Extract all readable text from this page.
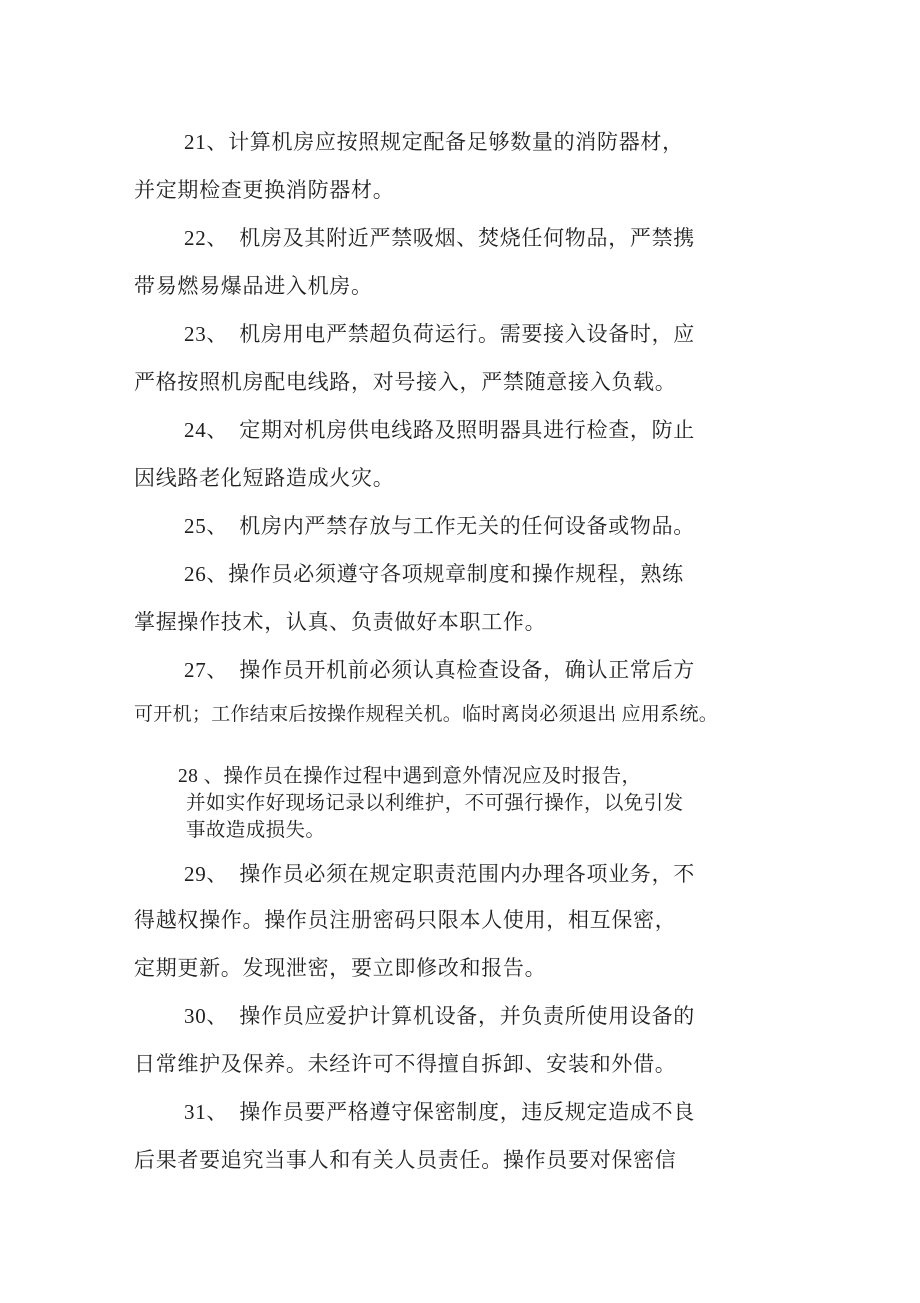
21、计算机房应按照规定配备足够数量的消防器材，
并定期检查更换消防器材。
22、　机房及其附近严禁吸烟、焚烧任何物品，严禁携
带易燃易爆品进入机房。
23、　机房用电严禁超负荷运行。需要接入设备时，应
严格按照机房配电线路，对号接入，严禁随意接入负载。
24、　定期对机房供电线路及照明器具进行检查，防止
因线路老化短路造成火灾。
25、　机房内严禁存放与工作无关的任何设备或物品。
26、操作员必须遵守各项规章制度和操作规程，熟练
掌握操作技术，认真、负责做好本职工作。
27、　操作员开机前必须认真检查设备，确认正常后方
可开机；工作结束后按操作规程关机。临时离岗必须退出 应用系统。
28 、操作员在操作过程中遇到意外情况应及时报告，
并如实作好现场记录以利维护，不可强行操作，以免引发
事故造成损失。
29、　操作员必须在规定职责范围内办理各项业务，不
得越权操作。操作员注册密码只限本人使用，相互保密，
定期更新。发现泄密，要立即修改和报告。
30、　操作员应爱护计算机设备，并负责所使用设备的
日常维护及保养。未经许可不得擅自拆卸、安装和外借。
31、　操作员要严格遵守保密制度，违反规定造成不良
后果者要追究当事人和有关人员责任。操作员要对保密信
